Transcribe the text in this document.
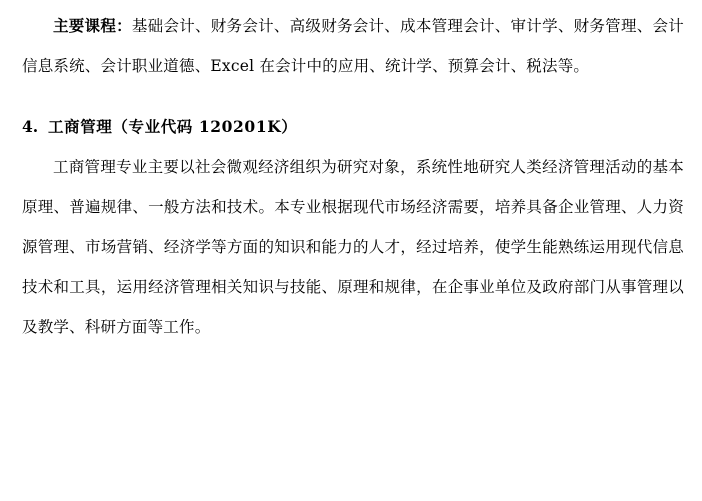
主要课程：基础会计、财务会计、高级财务会计、成本管理会计、审计学、财务管理、会计信息系统、会计职业道德、Excel 在会计中的应用、统计学、预算会计、税法等。

4. 工商管理（专业代码 120201K）

工商管理专业主要以社会微观经济组织为研究对象，系统性地研究人类经济管理活动的基本原理、普遍规律、一般方法和技术。本专业根据现代市场经济需要，培养具备企业管理、人力资源管理、市场营销、经济学等方面的知识和能力的人才，经过培养，使学生能熟练运用现代信息技术和工具，运用经济管理相关知识与技能、原理和规律，在企事业单位及政府部门从事管理以及教学、科研方面等工作。
